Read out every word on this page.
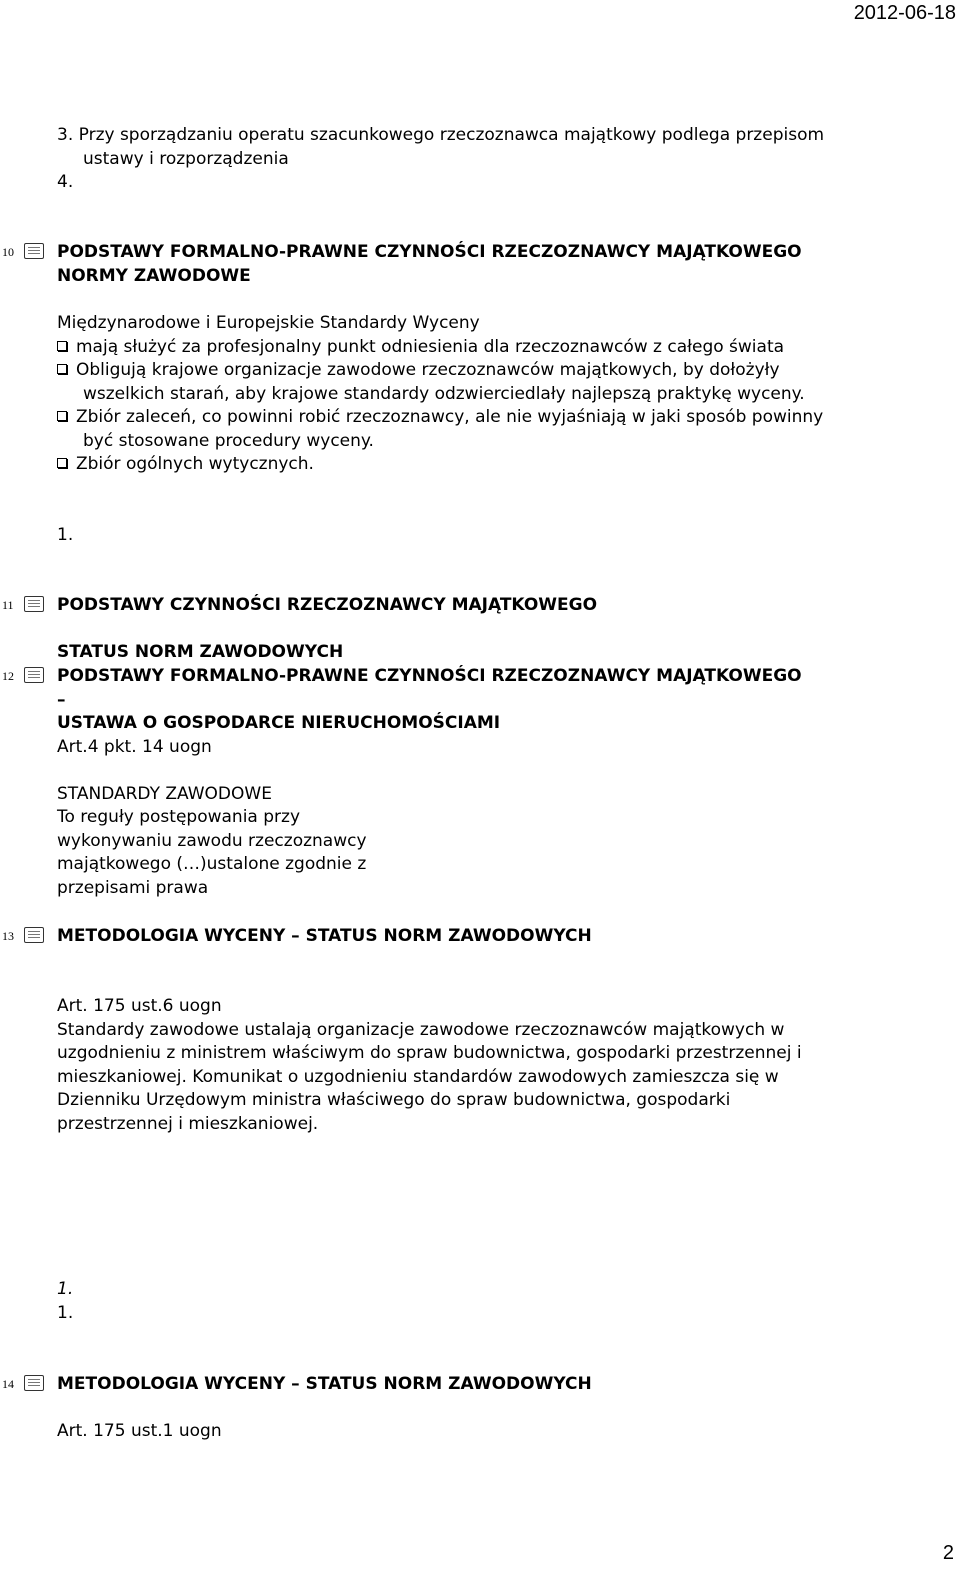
2012-06-18
2
3. Przy sporządzaniu operatu szacunkowego rzeczoznawca majątkowy podlega przepisom
ustawy i rozporządzenia
4.
10	PODSTAWY FORMALNO-PRAWNE CZYNNOŚCI RZECZOZNAWCY MAJĄTKOWEGO
NORMY ZAWODOWE
Międzynarodowe i Europejskie Standardy Wyceny
mają służyć za profesjonalny punkt odniesienia dla rzeczoznawców z całego świata
Obligują krajowe organizacje zawodowe rzeczoznawców majątkowych, by dołożyły
wszelkich starań, aby krajowe standardy odzwierciedlały najlepszą praktykę wyceny.
Zbiór zaleceń, co powinni robić rzeczoznawcy, ale nie wyjaśniają w jaki sposób powinny
być stosowane procedury wyceny.
Zbiór ogólnych wytycznych.
1.
11	PODSTAWY CZYNNOŚCI RZECZOZNAWCY MAJĄTKOWEGO
STATUS NORM ZAWODOWYCH
12	PODSTAWY FORMALNO-PRAWNE CZYNNOŚCI RZECZOZNAWCY MAJĄTKOWEGO
–
USTAWA O GOSPODARCE NIERUCHOMOŚCIAMI
Art.4 pkt. 14 uogn
STANDARDY ZAWODOWE
To reguły postępowania przy
wykonywaniu zawodu rzeczoznawcy
majątkowego (…)ustalone zgodnie z
przepisami prawa
13	METODOLOGIA WYCENY – STATUS NORM ZAWODOWYCH
Art. 175 ust.6 uogn
Standardy zawodowe ustalają organizacje zawodowe rzeczoznawców majątkowych w
uzgodnieniu z ministrem właściwym do spraw budownictwa, gospodarki przestrzennej i
mieszkaniowej. Komunikat o uzgodnieniu standardów zawodowych zamieszcza się w
Dzienniku Urzędowym ministra właściwego do spraw budownictwa, gospodarki
przestrzennej i mieszkaniowej.
1.
1.
14	METODOLOGIA WYCENY – STATUS NORM ZAWODOWYCH
Art. 175 ust.1 uogn
